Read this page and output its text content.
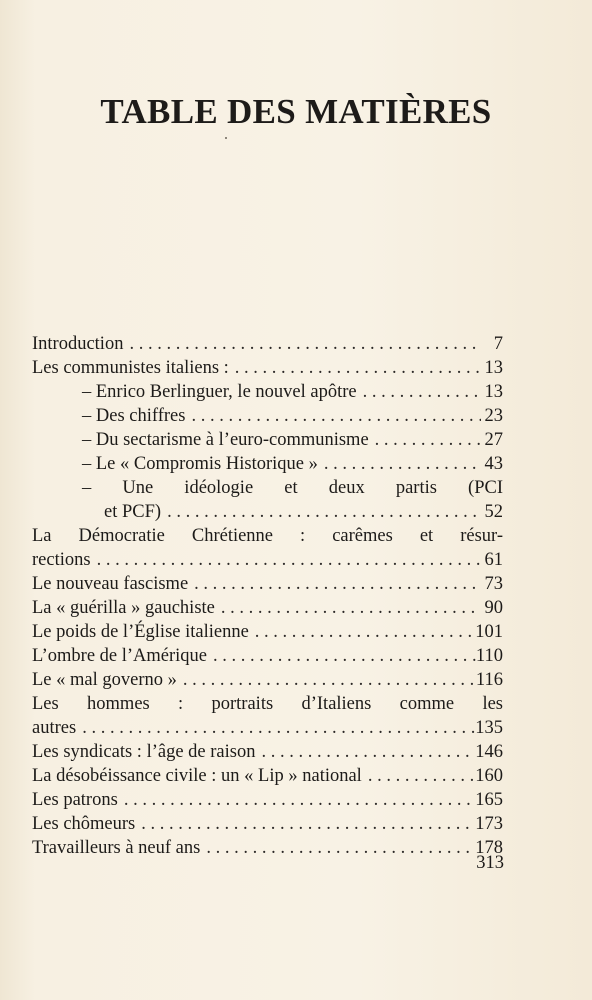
TABLE DES MATIÈRES
Introduction . . .	7
Les communistes italiens : . . .	13
– Enrico Berlinguer, le nouvel apôtre . . .	13
– Des chiffres . . .	23
– Du sectarisme à l’euro-communisme . . .	27
– Le « Compromis Historique » . . .	43
– Une idéologie et deux partis (PCI
et PCF) . . .	52
La Démocratie Chrétienne : carêmes et résur-
rections . . .	61
Le nouveau fascisme . . .	73
La « guérilla » gauchiste . . .	90
Le poids de l’Église italienne . . .	101
L’ombre de l’Amérique . . .	110
Le « mal governo » . . .	116
Les hommes : portraits d’Italiens comme les
autres . . .	135
Les syndicats : l’âge de raison . . .	146
La désobéissance civile : un « Lip » national . . .	160
Les patrons . . .	165
Les chômeurs . . .	173
Travailleurs à neuf ans . . .	178
313
